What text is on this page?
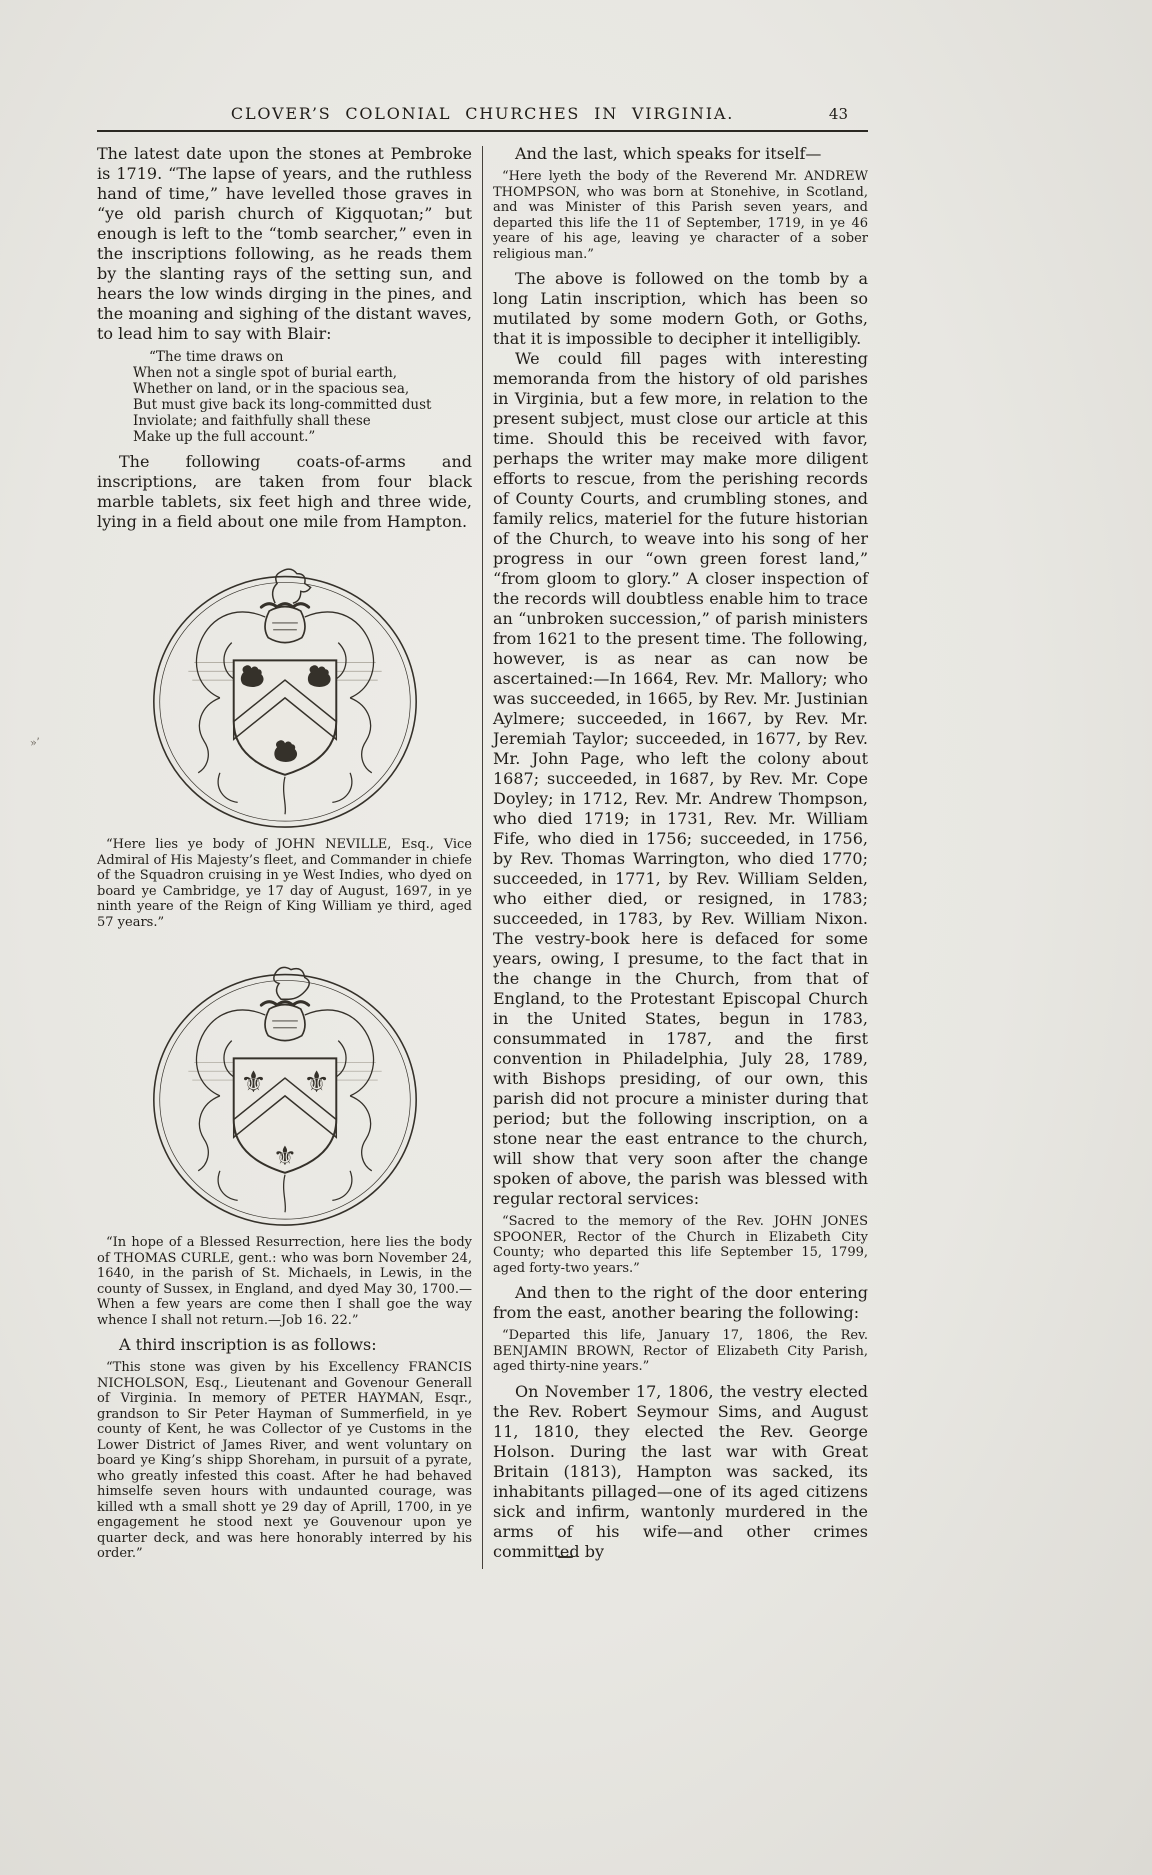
»’
CLOVER’S COLONIAL CHURCHES IN VIRGINIA.	43

The latest date upon the stones at Pembroke is 1719. “The lapse of years, and the ruthless hand of time,” have levelled those graves in “ye old parish church of Kigquotan;” but enough is left to the “tomb searcher,” even in the inscriptions following, as he reads them by the slanting rays of the setting sun, and hears the low winds dirging in the pines, and the moaning and sighing of the distant waves, to lead him to say with Blair:

“The time draws on
When not a single spot of burial earth,
Whether on land, or in the spacious sea,
But must give back its long-committed dust
Inviolate; and faithfully shall these
Make up the full account.”

The following coats-of-arms and inscriptions, are taken from four black marble tablets, six feet high and three wide, lying in a field about one mile from Hampton.

“Here lies ye body of JOHN NEVILLE, Esq., Vice Admiral of His Majesty’s fleet, and Commander in chiefe of the Squadron cruising in ye West Indies, who dyed on board ye Cambridge, ye 17 day of August, 1697, in ye ninth yeare of the Reign of King William ye third, aged 57 years.”

⚜ ⚜
⚜

“In hope of a Blessed Resurrection, here lies the body of THOMAS CURLE, gent.: who was born November 24, 1640, in the parish of St. Michaels, in Lewis, in the county of Sussex, in England, and dyed May 30, 1700.—When a few years are come then I shall goe the way whence I shall not return.—Job 16. 22.”

A third inscription is as follows:

“This stone was given by his Excellency FRANCIS NICHOLSON, Esq., Lieutenant and Govenour Generall of Virginia. In memory of PETER HAYMAN, Esqr., grandson to Sir Peter Hayman of Summerfield, in ye county of Kent, he was Collector of ye Customs in the Lower District of James River, and went voluntary on board ye King’s shipp Shoreham, in pursuit of a pyrate, who greatly infested this coast. After he had behaved himselfe seven hours with undaunted courage, was killed wth a small shott ye 29 day of Aprill, 1700, in ye engagement he stood next ye Gouvenour upon ye quarter deck, and was here honorably interred by his order.”

And the last, which speaks for itself—

“Here lyeth the body of the Reverend Mr. ANDREW THOMPSON, who was born at Stonehive, in Scotland, and was Minister of this Parish seven years, and departed this life the 11 of September, 1719, in ye 46 yeare of his age, leaving ye character of a sober religious man.”

The above is followed on the tomb by a long Latin inscription, which has been so mutilated by some modern Goth, or Goths, that it is impossible to decipher it intelligibly.

We could fill pages with interesting memoranda from the history of old parishes in Virginia, but a few more, in relation to the present subject, must close our article at this time. Should this be received with favor, perhaps the writer may make more diligent efforts to rescue, from the perishing records of County Courts, and crumbling stones, and family relics, materiel for the future historian of the Church, to weave into his song of her progress in our “own green forest land,” “from gloom to glory.” A closer inspection of the records will doubtless enable him to trace an “unbroken succession,” of parish ministers from 1621 to the present time. The following, however, is as near as can now be ascertained:—In 1664, Rev. Mr. Mallory; who was succeeded, in 1665, by Rev. Mr. Justinian Aylmere; succeeded, in 1667, by Rev. Mr. Jeremiah Taylor; succeeded, in 1677, by Rev. Mr. John Page, who left the colony about 1687; succeeded, in 1687, by Rev. Mr. Cope Doyley; in 1712, Rev. Mr. Andrew Thompson, who died 1719; in 1731, Rev. Mr. William Fife, who died in 1756; succeeded, in 1756, by Rev. Thomas Warrington, who died 1770; succeeded, in 1771, by Rev. William Selden, who either died, or resigned, in 1783; succeeded, in 1783, by Rev. William Nixon. The vestry-book here is defaced for some years, owing, I presume, to the fact that in the change in the Church, from that of England, to the Protestant Episcopal Church in the United States, begun in 1783, consummated in 1787, and the first convention in Philadelphia, July 28, 1789, with Bishops presiding, of our own, this parish did not procure a minister during that period; but the following inscription, on a stone near the east entrance to the church, will show that very soon after the change spoken of above, the parish was blessed with regular rectoral services:

“Sacred to the memory of the Rev. JOHN JONES SPOONER, Rector of the Church in Elizabeth City County; who departed this life September 15, 1799, aged forty-two years.”

And then to the right of the door entering from the east, another bearing the following:

“Departed this life, January 17, 1806, the Rev. BENJAMIN BROWN, Rector of Elizabeth City Parish, aged thirty-nine years.”

On November 17, 1806, the vestry elected the Rev. Robert Seymour Sims, and August 11, 1810, they elected the Rev. George Holson. During the last war with Great Britain (1813), Hampton was sacked, its inhabitants pillaged—one of its aged citizens sick and infirm, wantonly murdered in the arms of his wife—and other crimes committed by
